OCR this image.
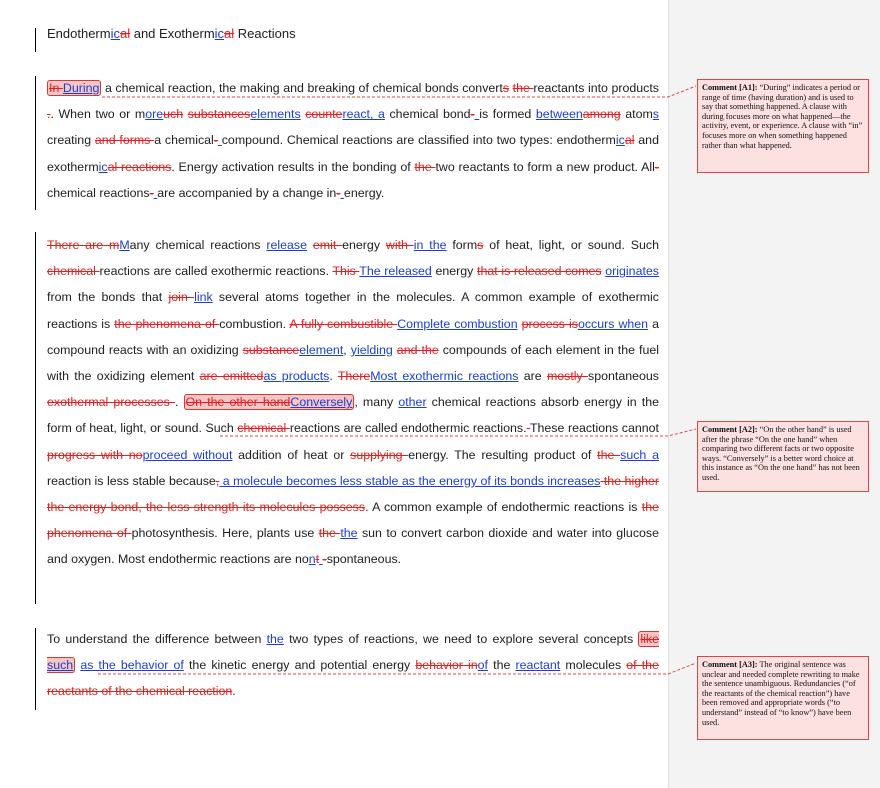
Endothermical and Exothermical Reactions
In During a chemical reaction, the making and breaking of chemical bonds converts the reactants into products .. When two or moreuch substanceselements countereact, a chemical bond- is formed betweenamong atoms creating and forms a chemical- compound. Chemical reactions are classified into two types: endothermical and exothermical reactions. Energy activation results in the bonding of the two reactants to form a new product. All- chemical reactions- are accompanied by a change in- energy.
There are mMany chemical reactions release emit energy with in the forms of heat, light, or sound. Such chemical reactions are called exothermic reactions. This The released energy that is released comes originates from the bonds that join link several atoms together in the molecules. A common example of exothermic reactions is the phenomena of combustion. A fully combustible Complete combustion process isoccurs when a compound reacts with an oxidizing substanceelement, yielding and the compounds of each element in the fuel with the oxidizing element are emittedas products. ThereMost exothermic reactions are mostly spontaneous exothermal processes . On the other handConversely , many other chemical reactions absorb energy in the form of heat, light, or sound. Such chemical reactions are called endothermic reactions. These reactions cannot progress with noproceed without addition of heat or supplying energy. The resulting product of the such a reaction is less stable because, a molecule becomes less stable as the energy of its bonds increases the higher the energy bond, the less strength its molecules possess. A common example of endothermic reactions is the phenomena of photosynthesis. Here, plants use the the sun to convert carbon dioxide and water into glucose and oxygen. Most endothermic reactions are nont -spontaneous.
To understand the difference between the two types of reactions, we need to explore several concepts like such as the behavior of the kinetic energy and potential energy behavior inof the reactant molecules of the reactants of the chemical reaction.
Comment [A1]: “During” indicates a period or range of time (having duration) and is used to say that something happened. A clause with during focuses more on what happened—the activity, event, or experience. A clause with “in” focuses more on when something happened rather than what happened.
Comment [A2]: “On the other hand” is used after the phrase “On the one hand” when comparing two different facts or two opposite ways. “Conversely” is a better word choice at this instance as “On the one hand” has not been used.
Comment [A3]: The original sentence was unclear and needed complete rewriting to make the sentence unambiguous. Redundancies (“of the reactants of the chemical reaction”) have been removed and appropriate words (“to understand” instead of “to know”) have been used.
